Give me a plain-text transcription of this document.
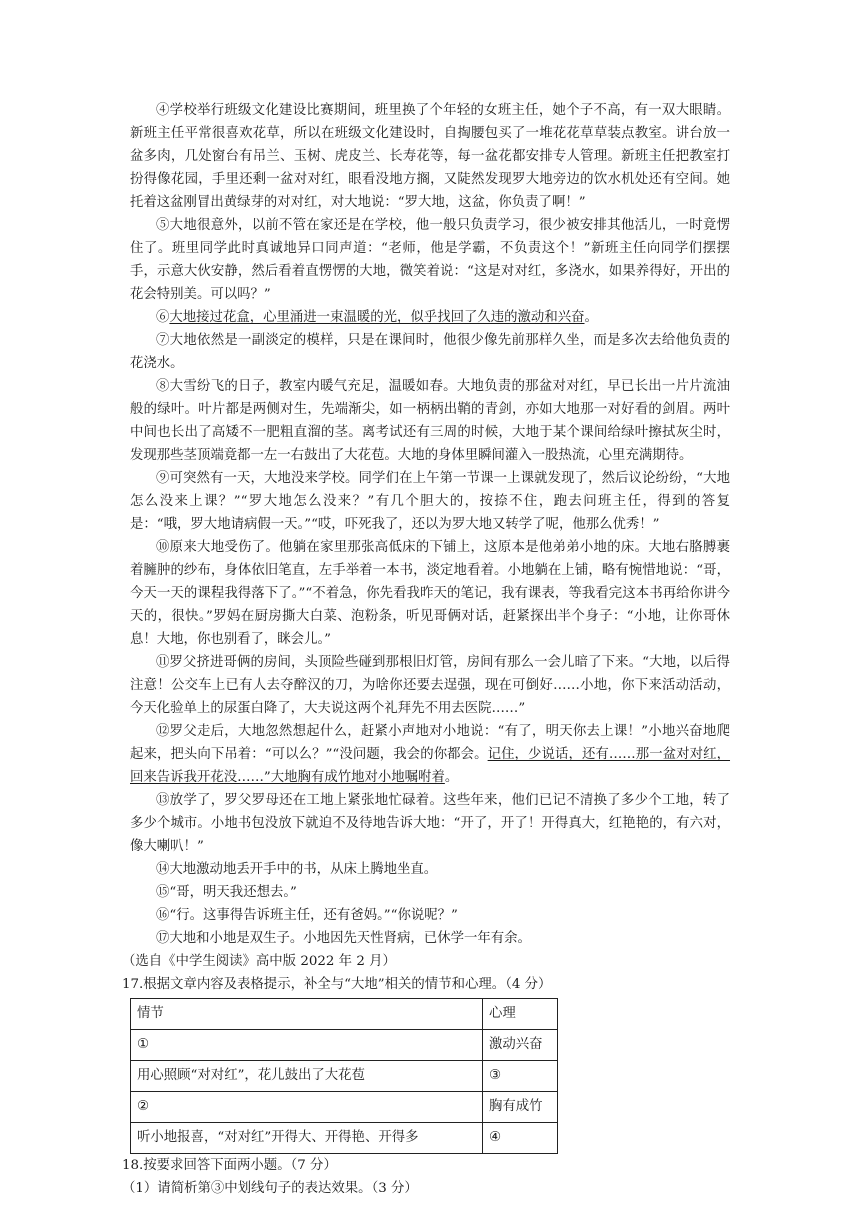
④学校举行班级文化建设比赛期间，班里换了个年轻的女班主任，她个子不高，有一双大眼睛。新班主任平常很喜欢花草，所以在班级文化建设时，自掏腰包买了一堆花花草草装点教室。讲台放一盆多肉，几处窗台有吊兰、玉树、虎皮兰、长寿花等，每一盆花都安排专人管理。新班主任把教室打扮得像花园，手里还剩一盆对对红，眼看没地方搁，又陡然发现罗大地旁边的饮水机处还有空间。她托着这盆刚冒出黄绿芽的对对红，对大地说：“罗大地，这盆，你负责了啊！”

⑤大地很意外，以前不管在家还是在学校，他一般只负责学习，很少被安排其他活儿，一时竟愣住了。班里同学此时真诚地异口同声道：“老师，他是学霸，不负责这个！”新班主任向同学们摆摆手，示意大伙安静，然后看着直愣愣的大地，微笑着说：“这是对对红，多浇水，如果养得好，开出的花会特别美。可以吗？”

⑥大地接过花盒，心里涌进一束温暖的光，似乎找回了久违的激动和兴奋。

⑦大地依然是一副淡定的模样，只是在课间时，他很少像先前那样久坐，而是多次去给他负责的花浇水。

⑧大雪纷飞的日子，教室内暖气充足，温暖如春。大地负责的那盆对对红，早已长出一片片流油般的绿叶。叶片都是两侧对生，先端渐尖，如一柄柄出鞘的青剑，亦如大地那一对好看的剑眉。两叶中间也长出了高矮不一肥粗直溜的茎。离考试还有三周的时候，大地于某个课间给绿叶擦拭灰尘时，发现那些茎顶端竟都一左一右鼓出了大花苞。大地的身体里瞬间灌入一股热流，心里充满期待。

⑨可突然有一天，大地没来学校。同学们在上午第一节课一上课就发现了，然后议论纷纷，“大地怎么没来上课？”“罗大地怎么没来？”有几个胆大的，按捺不住，跑去问班主任，得到的答复是：“哦，罗大地请病假一天。”“哎，吓死我了，还以为罗大地又转学了呢，他那么优秀！”

⑩原来大地受伤了。他躺在家里那张高低床的下铺上，这原本是他弟弟小地的床。大地右胳膊裹着臃肿的纱布，身体依旧笔直，左手举着一本书，淡定地看着。小地躺在上铺，略有惋惜地说：“哥，今天一天的课程我得落下了。”“不着急，你先看我昨天的笔记，我有课表，等我看完这本书再给你讲今天的，很快。”罗妈在厨房撕大白菜、泡粉条，听见哥俩对话，赶紧探出半个身子：“小地，让你哥休息！大地，你也别看了，眯会儿。”

⑪罗父挤进哥俩的房间，头顶险些碰到那根旧灯管，房间有那么一会儿暗了下来。“大地，以后得注意！公交车上已有人去夺醉汉的刀，为啥你还要去逞强，现在可倒好……小地，你下来活动活动，今天化验单上的尿蛋白降了，大夫说这两个礼拜先不用去医院……”

⑫罗父走后，大地忽然想起什么，赶紧小声地对小地说：“有了，明天你去上课！”小地兴奋地爬起来，把头向下吊着：“可以么？”“没问题，我会的你都会。记住，少说话，还有……那一盆对对红，回来告诉我开花没……”大地胸有成竹地对小地嘱咐着。

⑬放学了，罗父罗母还在工地上紧张地忙碌着。这些年来，他们已记不清换了多少个工地，转了多少个城市。小地书包没放下就迫不及待地告诉大地：“开了，开了！开得真大，红艳艳的，有六对，像大喇叭！”

⑭大地激动地丢开手中的书，从床上腾地坐直。

⑮“哥，明天我还想去。”

⑯“行。这事得告诉班主任，还有爸妈。”“你说呢？”

⑰大地和小地是双生子。小地因先天性肾病，已休学一年有余。

（选自《中学生阅读》高中版 2022 年 2 月）

17.根据文章内容及表格提示，补全与“大地”相关的情节和心理。（4 分）

情节	心理
①	激动兴奋
用心照顾“对对红”，花儿鼓出了大花苞	③
②	胸有成竹
听小地报喜，“对对红”开得大、开得艳、开得多	④

18.按要求回答下面两小题。（7 分）

（1）请简析第③中划线句子的表达效果。（3 分）
